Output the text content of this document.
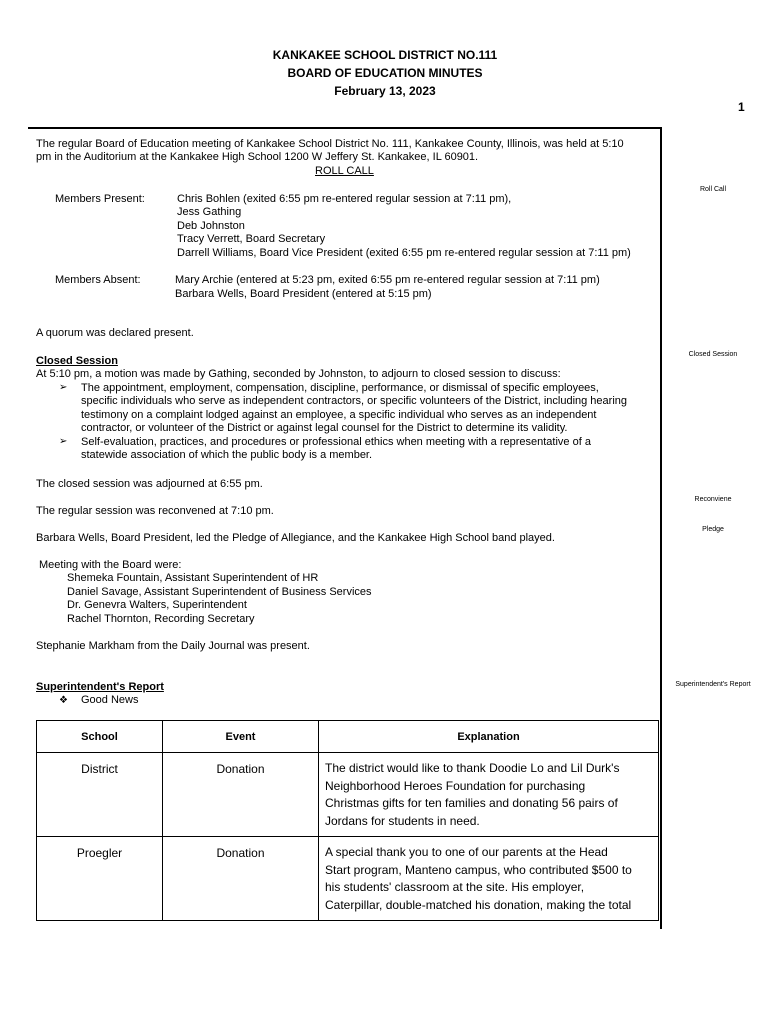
KANKAKEE SCHOOL DISTRICT NO.111
BOARD OF EDUCATION MINUTES
February 13, 2023
1
The regular Board of Education meeting of Kankakee School District No. 111, Kankakee County, Illinois, was held at 5:10
pm in the Auditorium at the Kankakee High School 1200 W Jeffery St. Kankakee, IL 60901.
ROLL CALL
Members Present:	Chris Bohlen (exited 6:55 pm re-entered regular session at 7:11 pm),
Jess Gathing
Deb Johnston
Tracy Verrett, Board Secretary
Darrell Williams, Board Vice President (exited 6:55 pm re-entered regular session at 7:11 pm)
Members Absent:	Mary Archie (entered at 5:23 pm, exited 6:55 pm re-entered regular session at 7:11 pm)
Barbara Wells, Board President (entered at 5:15 pm)
A quorum was declared present.
Closed Session
At 5:10 pm, a motion was made by Gathing, seconded by Johnston, to adjourn to closed session to discuss:
➢ The appointment, employment, compensation, discipline, performance, or dismissal of specific employees,
specific individuals who serve as independent contractors, or specific volunteers of the District, including hearing
testimony on a complaint lodged against an employee, a specific individual who serves as an independent
contractor, or volunteer of the District or against legal counsel for the District to determine its validity.
➢ Self-evaluation, practices, and procedures or professional ethics when meeting with a representative of a
statewide association of which the public body is a member.
The closed session was adjourned at 6:55 pm.
The regular session was reconvened at 7:10 pm.
Barbara Wells, Board President, led the Pledge of Allegiance, and the Kankakee High School band played.
Meeting with the Board were:
Shemeka Fountain, Assistant Superintendent of HR
Daniel Savage, Assistant Superintendent of Business Services
Dr. Genevra Walters, Superintendent
Rachel Thornton, Recording Secretary
Stephanie Markham from the Daily Journal was present.
Superintendent's Report
❖ Good News
School	Event	Explanation
District	Donation	The district would like to thank Doodie Lo and Lil Durk's
Neighborhood Heroes Foundation for purchasing
Christmas gifts for ten families and donating 56 pairs of
Jordans for students in need.

Proegler	Donation	A special thank you to one of our parents at the Head
Start program, Manteno campus, who contributed $500 to
his students' classroom at the site. His employer,
Caterpillar, double-matched his donation, making the total
Roll Call
Closed Session
Reconviene
Pledge
Superintendent's Report
